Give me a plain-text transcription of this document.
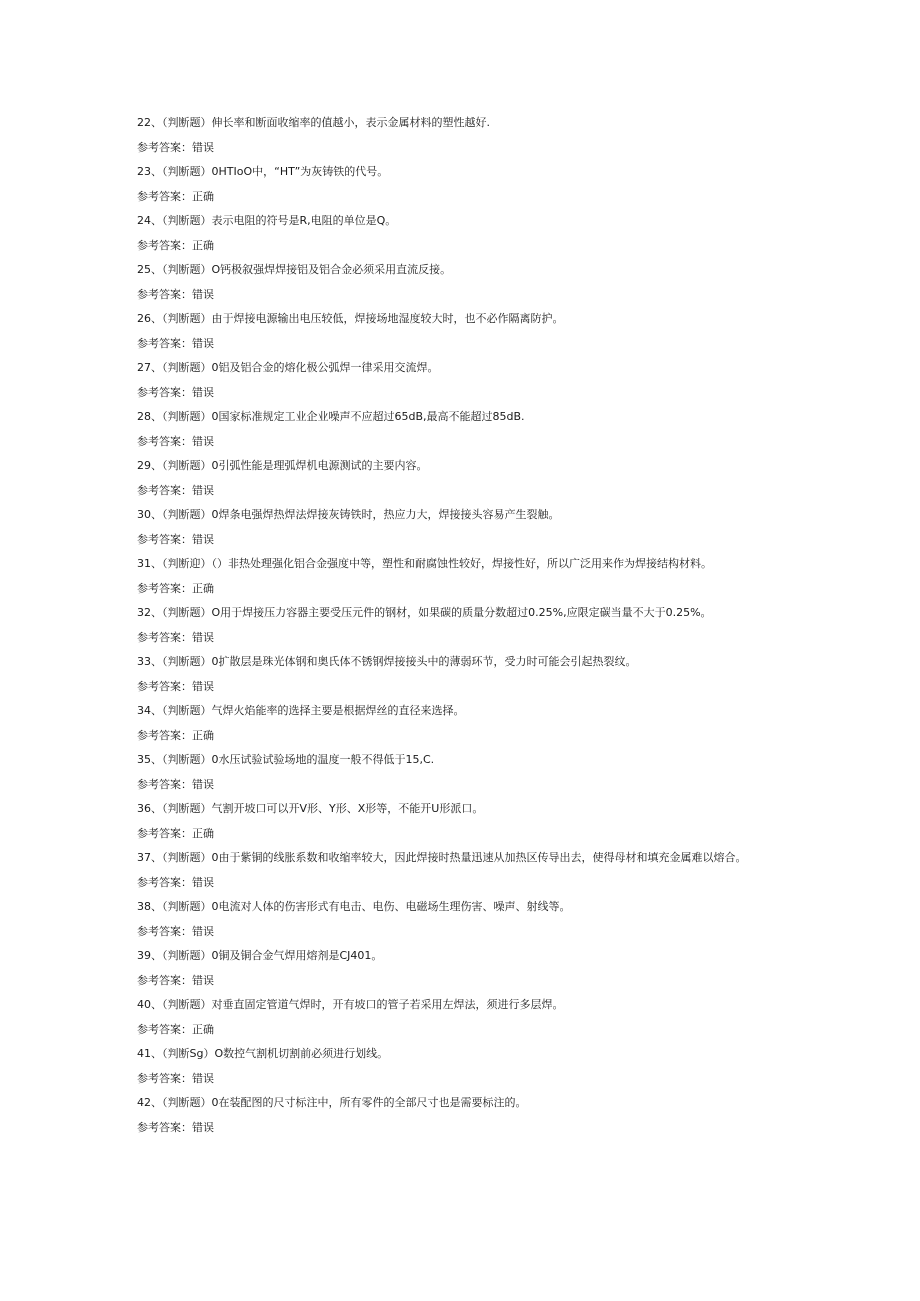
22、（判断题）伸长率和断面收缩率的值越小，表示金属材料的塑性越好.

参考答案：错误

23、（判断题）0HTIoO中，“HT”为灰铸铁的代号。

参考答案：正确

24、（判断题）表示电阻的符号是R,电阻的单位是Q。

参考答案：正确

25、（判断题）O钙极叙强焊焊接铝及铝合金必须采用直流反接。

参考答案：错误

26、（判断题）由于焊接电源输出电压较低，焊接场地湿度较大时，也不必作隔离防护。

参考答案：错误

27、（判断题）0铝及铝合金的熔化极公弧焊一律采用交流焊。

参考答案：错误

28、（判断题）0国家标准规定工业企业噪声不应超过65dB,最高不能超过85dB.

参考答案：错误

29、（判断题）0引弧性能是理弧焊机电源测试的主要内容。

参考答案：错误

30、（判断题）0焊条电强焊热焊法焊接灰铸铁时，热应力大，焊接接头容易产生裂触。

参考答案：错误

31、（判断迎）（）非热处理强化铝合金强度中等，塑性和耐腐蚀性较好，焊接性好，所以广泛用来作为焊接结构材料。

参考答案：正确

32、（判断题）O用于焊接压力容器主要受压元件的钢材，如果碳的质量分数超过0.25%,应限定碳当量不大于0.25%。

参考答案：错误

33、（判断题）0扩散层是珠光体钢和奥氏体不锈钢焊接接头中的薄弱环节，受力时可能会引起热裂纹。

参考答案：错误

34、（判断题）气焊火焰能率的选择主要是根据焊丝的直径来选择。

参考答案：正确

35、（判断题）0水压试验试验场地的温度一般不得低于15,C.

参考答案：错误

36、（判断题）气割开坡口可以开V形、Y形、X形等，不能开U形派口。

参考答案：正确

37、（判断题）0由于紫铜的线胀系数和收缩率较大，因此焊接时热量迅速从加热区传导出去，使得母材和填充金属难以熔合。

参考答案：错误

38、（判断题）0电流对人体的伤害形式有电击、电伤、电磁场生理伤害、噪声、射线等。

参考答案：错误

39、（判断题）0铜及铜合金气焊用熔剂是CJ401。

参考答案：错误

40、（判断题）对垂直固定管道气焊时，开有坡口的管子若采用左焊法，须进行多层焊。

参考答案：正确

41、（判断Sg）O数控气割机切割前必须进行划线。

参考答案：错误

42、（判断题）0在装配图的尺寸标注中，所有零件的全部尺寸也是需要标注的。

参考答案：错误
